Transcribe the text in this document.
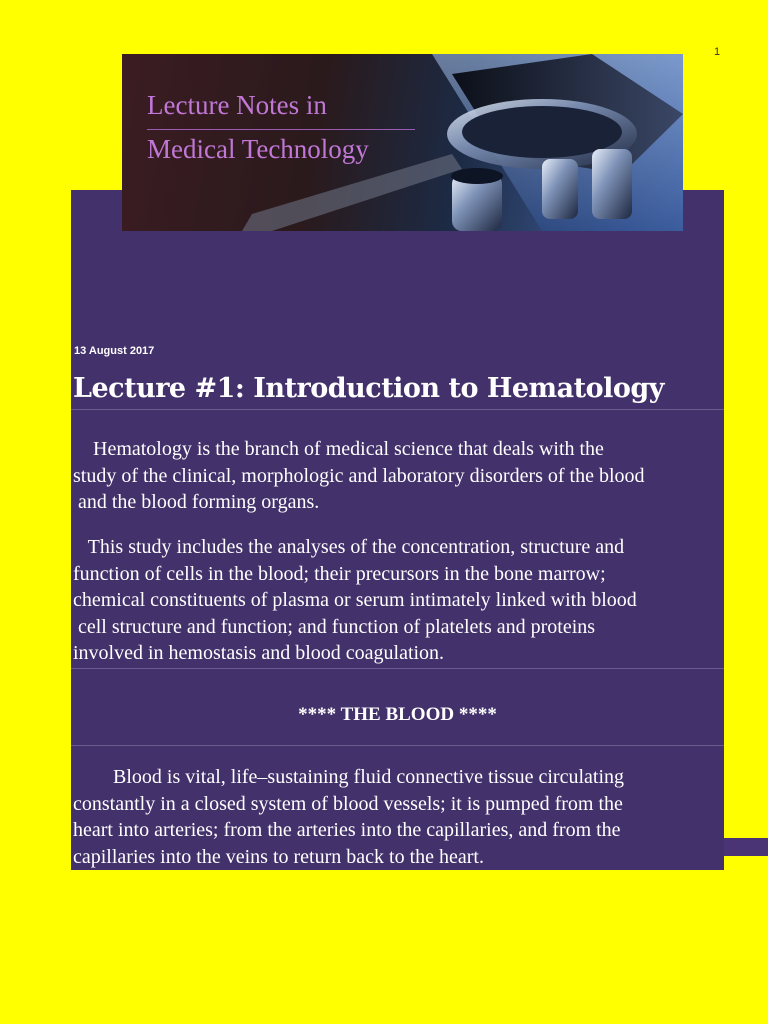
1
13 August 2017
Lecture #1: Introduction to Hematology
Hematology is the branch of medical science that deals with the
study of the clinical, morphologic and laboratory disorders of the blood
and the blood forming organs.
This study includes the analyses of the concentration, structure and
function of cells in the blood; their precursors in the bone marrow;
chemical constituents of plasma or serum intimately linked with blood
cell structure and function; and function of platelets and proteins
involved in hemostasis and blood coagulation.
**** THE BLOOD ****
Blood is vital, life–sustaining fluid connective tissue circulating
constantly in a closed system of blood vessels; it is pumped from the
heart into arteries; from the arteries into the capillaries, and from the
capillaries into the veins to return back to the heart.
Lecture Notes in
Medical Technology
